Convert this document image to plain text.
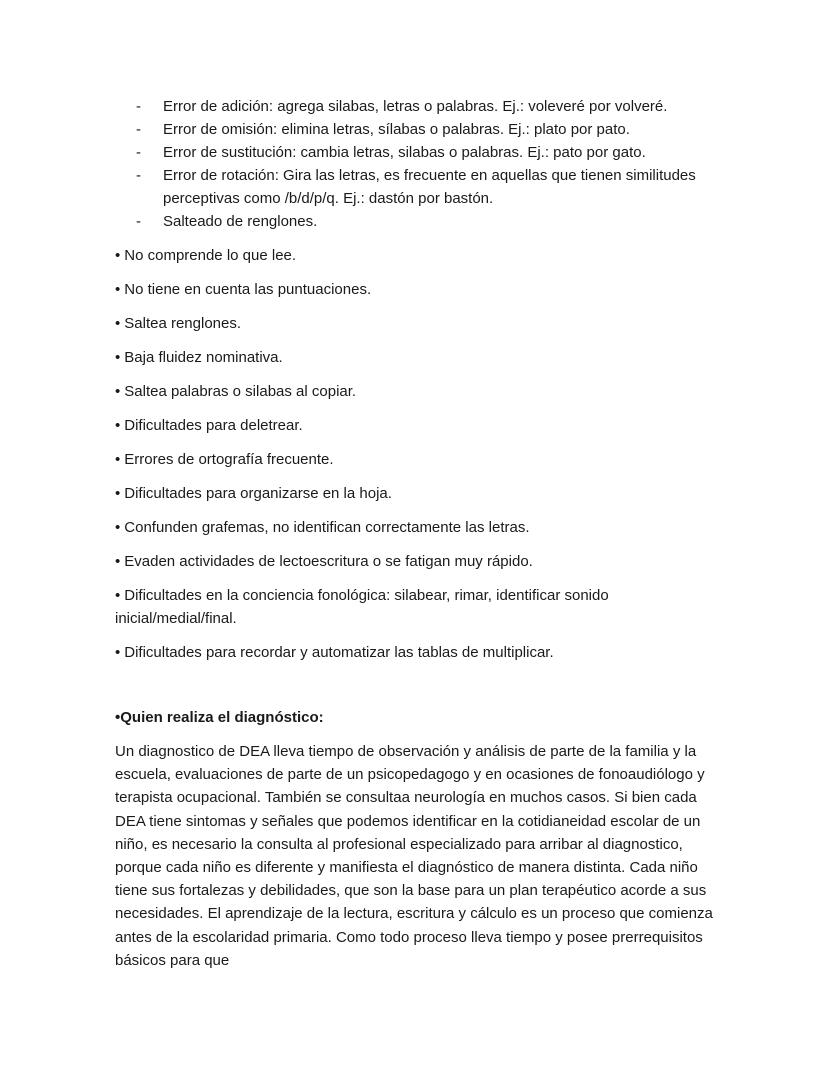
- Error de adición: agrega silabas, letras o palabras. Ej.: voleveré por volveré.
- Error de omisión: elimina letras, sílabas o palabras. Ej.: plato por pato.
- Error de sustitución: cambia letras, silabas o palabras. Ej.: pato por gato.
- Error de rotación: Gira las letras, es frecuente en aquellas que tienen similitudes perceptivas como /b/d/p/q. Ej.: dastón por bastón.
- Salteado de renglones.
• No comprende lo que lee.
• No tiene en cuenta las puntuaciones.
• Saltea renglones.
• Baja fluidez nominativa.
• Saltea palabras o silabas al copiar.
• Dificultades para deletrear.
• Errores de ortografía frecuente.
• Dificultades para organizarse en la hoja.
• Confunden grafemas, no identifican correctamente las letras.
• Evaden actividades de lectoescritura o se fatigan muy rápido.
• Dificultades en la conciencia fonológica: silabear, rimar, identificar sonido inicial/medial/final.
• Dificultades para recordar y automatizar las tablas de multiplicar.

•Quien realiza el diagnóstico:

Un diagnostico de DEA lleva tiempo de observación y análisis de parte de la familia y la escuela, evaluaciones de parte de un psicopedagogo y en ocasiones de fonoaudiólogo y terapista ocupacional. También se consultaa neurología en muchos casos. Si bien cada DEA tiene sintomas y señales que podemos identificar en la cotidianeidad escolar de un niño, es necesario la consulta al profesional especializado para arribar al diagnostico, porque cada niño es diferente y manifiesta el diagnóstico de manera distinta. Cada niño tiene sus fortalezas y debilidades, que son la base para un plan terapéutico acorde a sus necesidades. El aprendizaje de la lectura, escritura y cálculo es un proceso que comienza antes de la escolaridad primaria. Como todo proceso lleva tiempo y posee prerrequisitos básicos para que
